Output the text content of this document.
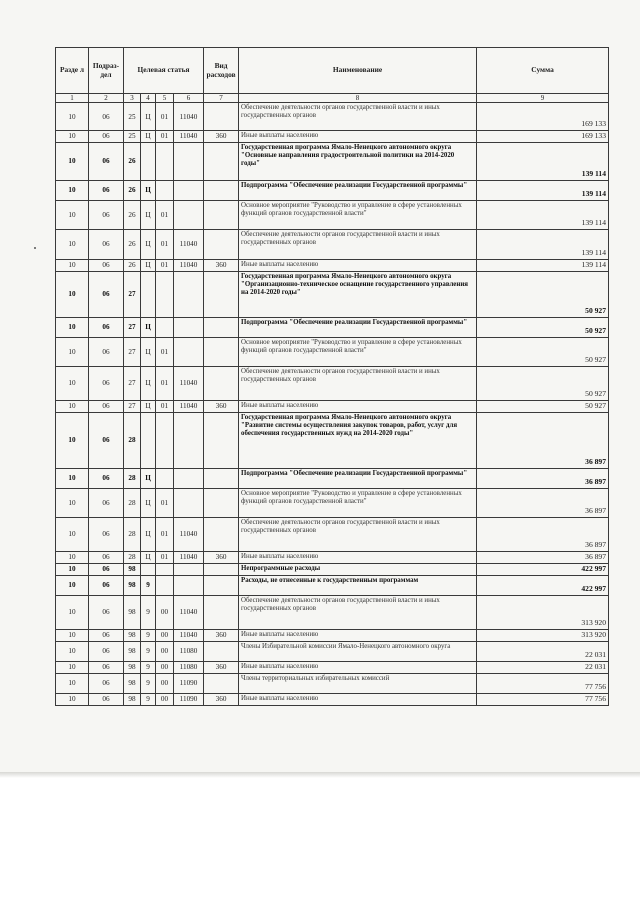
Разде л	Подраз- дел	Целевая статья				Вид расходов	Наименование	Сумма
1	2	3	4	5	6	7	8	9
10	06	25	Ц	01	11040		Обеспечение деятельности органов государственной власти и иных государственных органов	169 133
10	06	25	Ц	01	11040	360	Иные выплаты населению	169 133
10	06	26					Государственная программа Ямало-Ненецкого автономного округа "Основные направления градостроительной политики на 2014-2020 годы"	139 114
10	06	26	Ц				Подпрограмма "Обеспечение реализации Государственной программы"	139 114
10	06	26	Ц	01			Основное мероприятие "Руководство и управление в сфере установленных функций органов государственной власти"	139 114
10	06	26	Ц	01	11040		Обеспечение деятельности органов государственной власти и иных государственных органов	139 114
10	06	26	Ц	01	11040	360	Иные выплаты населению	139 114
10	06	27					Государственная программа Ямало-Ненецкого автономного округа "Организационно-техническое оснащение государственного управления на 2014-2020 годы"	50 927
10	06	27	Ц				Подпрограмма "Обеспечение реализации Государственной программы"	50 927
10	06	27	Ц	01			Основное мероприятие "Руководство и управление в сфере установленных функций органов государственной власти"	50 927
10	06	27	Ц	01	11040		Обеспечение деятельности органов государственной власти и иных государственных органов	50 927
10	06	27	Ц	01	11040	360	Иные выплаты населению	50 927
10	06	28					Государственная программа Ямало-Ненецкого автономного округа "Развитие системы осуществления закупок товаров, работ, услуг для обеспечения государственных нужд на 2014-2020 годы"	36 897
10	06	28	Ц				Подпрограмма "Обеспечение реализации Государственной программы"	36 897
10	06	28	Ц	01			Основное мероприятие "Руководство и управление в сфере установленных функций органов государственной власти"	36 897
10	06	28	Ц	01	11040		Обеспечение деятельности органов государственной власти и иных государственных органов	36 897
10	06	28	Ц	01	11040	360	Иные выплаты населению	36 897
10	06	98					Непрограммные расходы	422 997
10	06	98	9				Расходы, не отнесенные к государственным программам	422 997
10	06	98	9	00	11040		Обеспечение деятельности органов государственной власти и иных государственных органов	313 920
10	06	98	9	00	11040	360	Иные выплаты населению	313 920
10	06	98	9	00	11080		Члены Избирательной комиссии Ямало-Ненецкого автономного округа	22 031
10	06	98	9	00	11080	360	Иные выплаты населению	22 031
10	06	98	9	00	11090		Члены территориальных избирательных комиссий	77 756
10	06	98	9	00	11090	360	Иные выплаты населению	77 756
